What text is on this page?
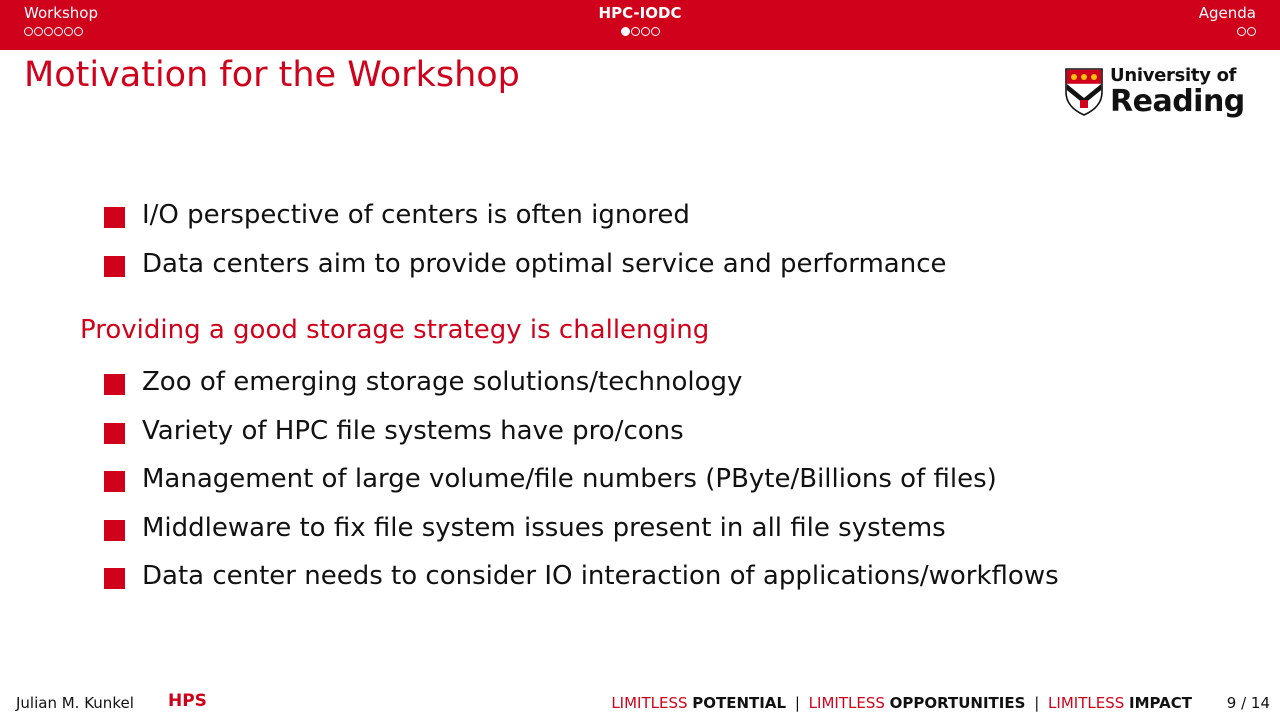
Workshop	HPC-IODC	Agenda
Motivation for the Workshop	University of
Reading
I/O perspective of centers is often ignored
Data centers aim to provide optimal service and performance
Providing a good storage strategy is challenging
Zoo of emerging storage solutions/technology
Variety of HPC file systems have pro/cons
Management of large volume/file numbers (PByte/Billions of files)
Middleware to fix file system issues present in all file systems
Data center needs to consider IO interaction of applications/workflows
Julian M. Kunkel HPS	LIMITLESS POTENTIAL | LIMITLESS OPPORTUNITIES | LIMITLESS IMPACT 9 / 14
